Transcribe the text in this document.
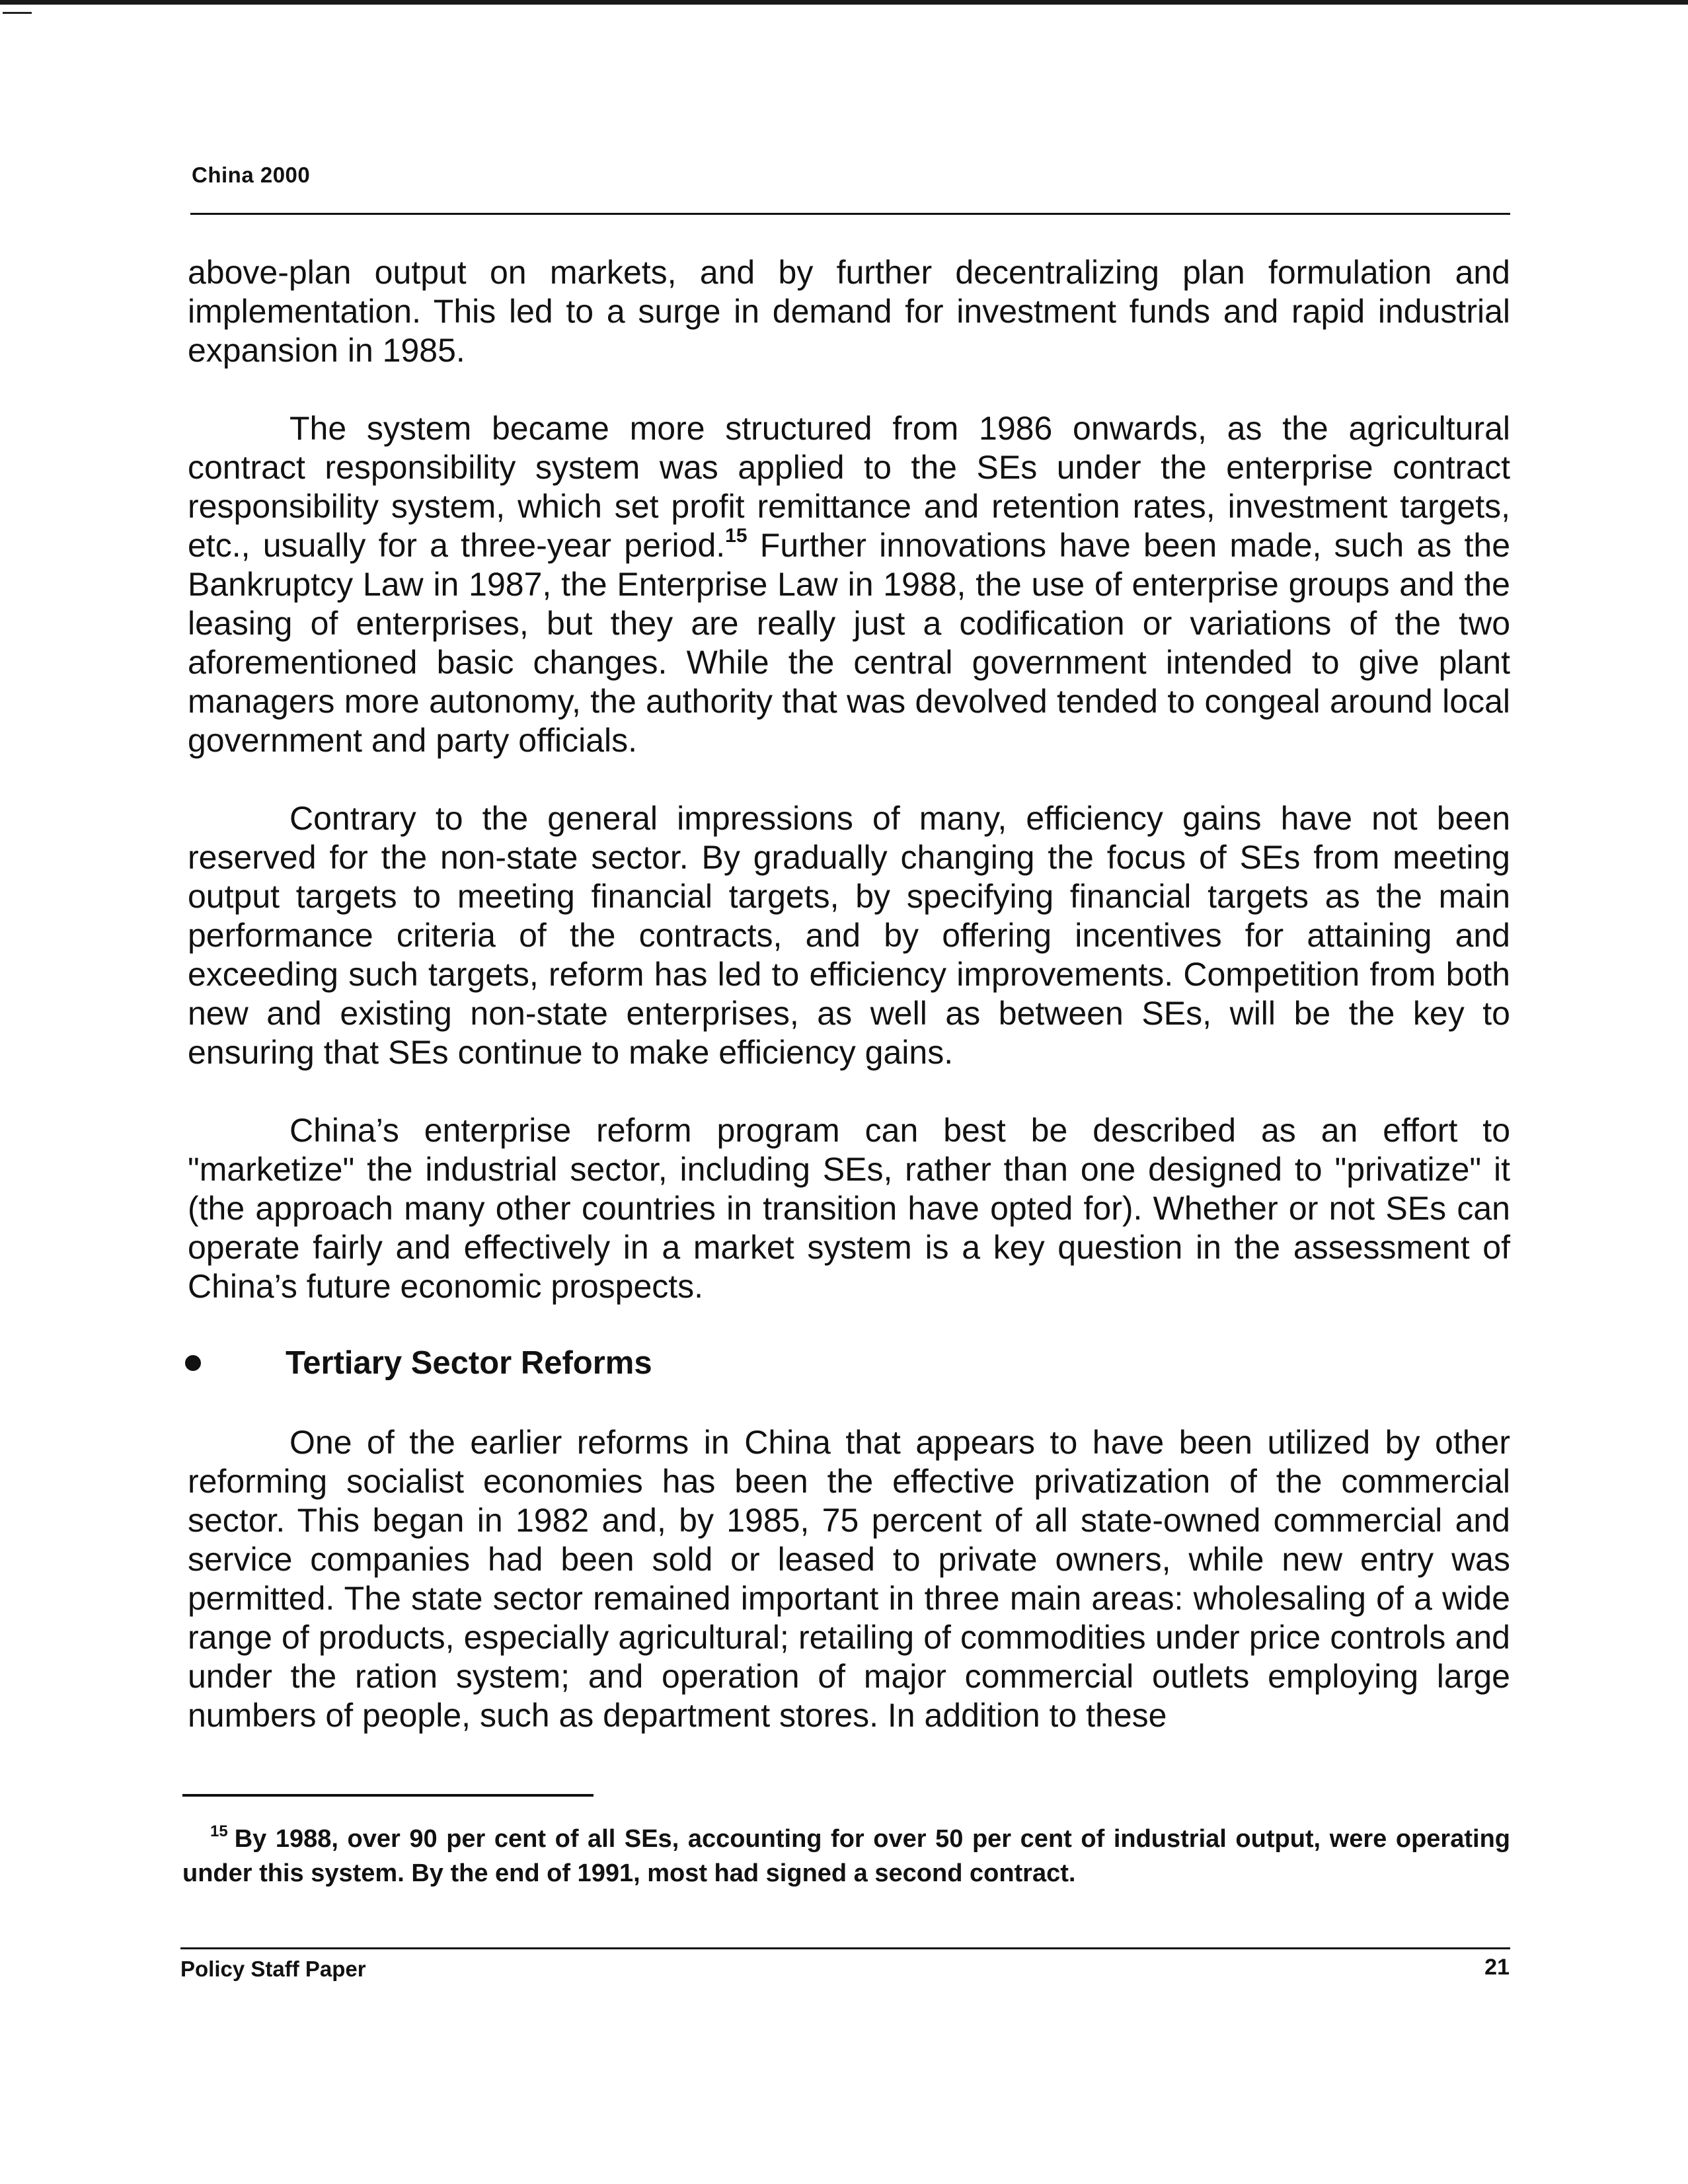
China 2000

above-plan output on markets, and by further decentralizing plan formulation and implementation. This led to a surge in demand for investment funds and rapid industrial expansion in 1985.

The system became more structured from 1986 onwards, as the agricultural contract responsibility system was applied to the SEs under the enterprise contract responsibility system, which set profit remittance and retention rates, investment targets, etc., usually for a three-year period.$^{15}$ Further innovations have been made, such as the Bankruptcy Law in 1987, the Enterprise Law in 1988, the use of enterprise groups and the leasing of enterprises, but they are really just a codification or variations of the two aforementioned basic changes. While the central government intended to give plant managers more autonomy, the authority that was devolved tended to congeal around local government and party officials.

Contrary to the general impressions of many, efficiency gains have not been reserved for the non-state sector. By gradually changing the focus of SEs from meeting output targets to meeting financial targets, by specifying financial targets as the main performance criteria of the contracts, and by offering incentives for attaining and exceeding such targets, reform has led to efficiency improvements. Competition from both new and existing non-state enterprises, as well as between SEs, will be the key to ensuring that SEs continue to make efficiency gains.

China’s enterprise reform program can best be described as an effort to "marketize" the industrial sector, including SEs, rather than one designed to "privatize" it (the approach many other countries in transition have opted for). Whether or not SEs can operate fairly and effectively in a market system is a key question in the assessment of China’s future economic prospects.

Tertiary Sector Reforms

One of the earlier reforms in China that appears to have been utilized by other reforming socialist economies has been the effective privatization of the commercial sector. This began in 1982 and, by 1985, 75 percent of all state-owned commercial and service companies had been sold or leased to private owners, while new entry was permitted. The state sector remained important in three main areas: wholesaling of a wide range of products, especially agricultural; retailing of commodities under price controls and under the ration system; and operation of major commercial outlets employing large numbers of people, such as department stores. In addition to these

$^{15}$ By 1988, over 90 per cent of all SEs, accounting for over 50 per cent of industrial output, were operating under this system. By the end of 1991, most had signed a second contract.
Policy Staff Paper	21
